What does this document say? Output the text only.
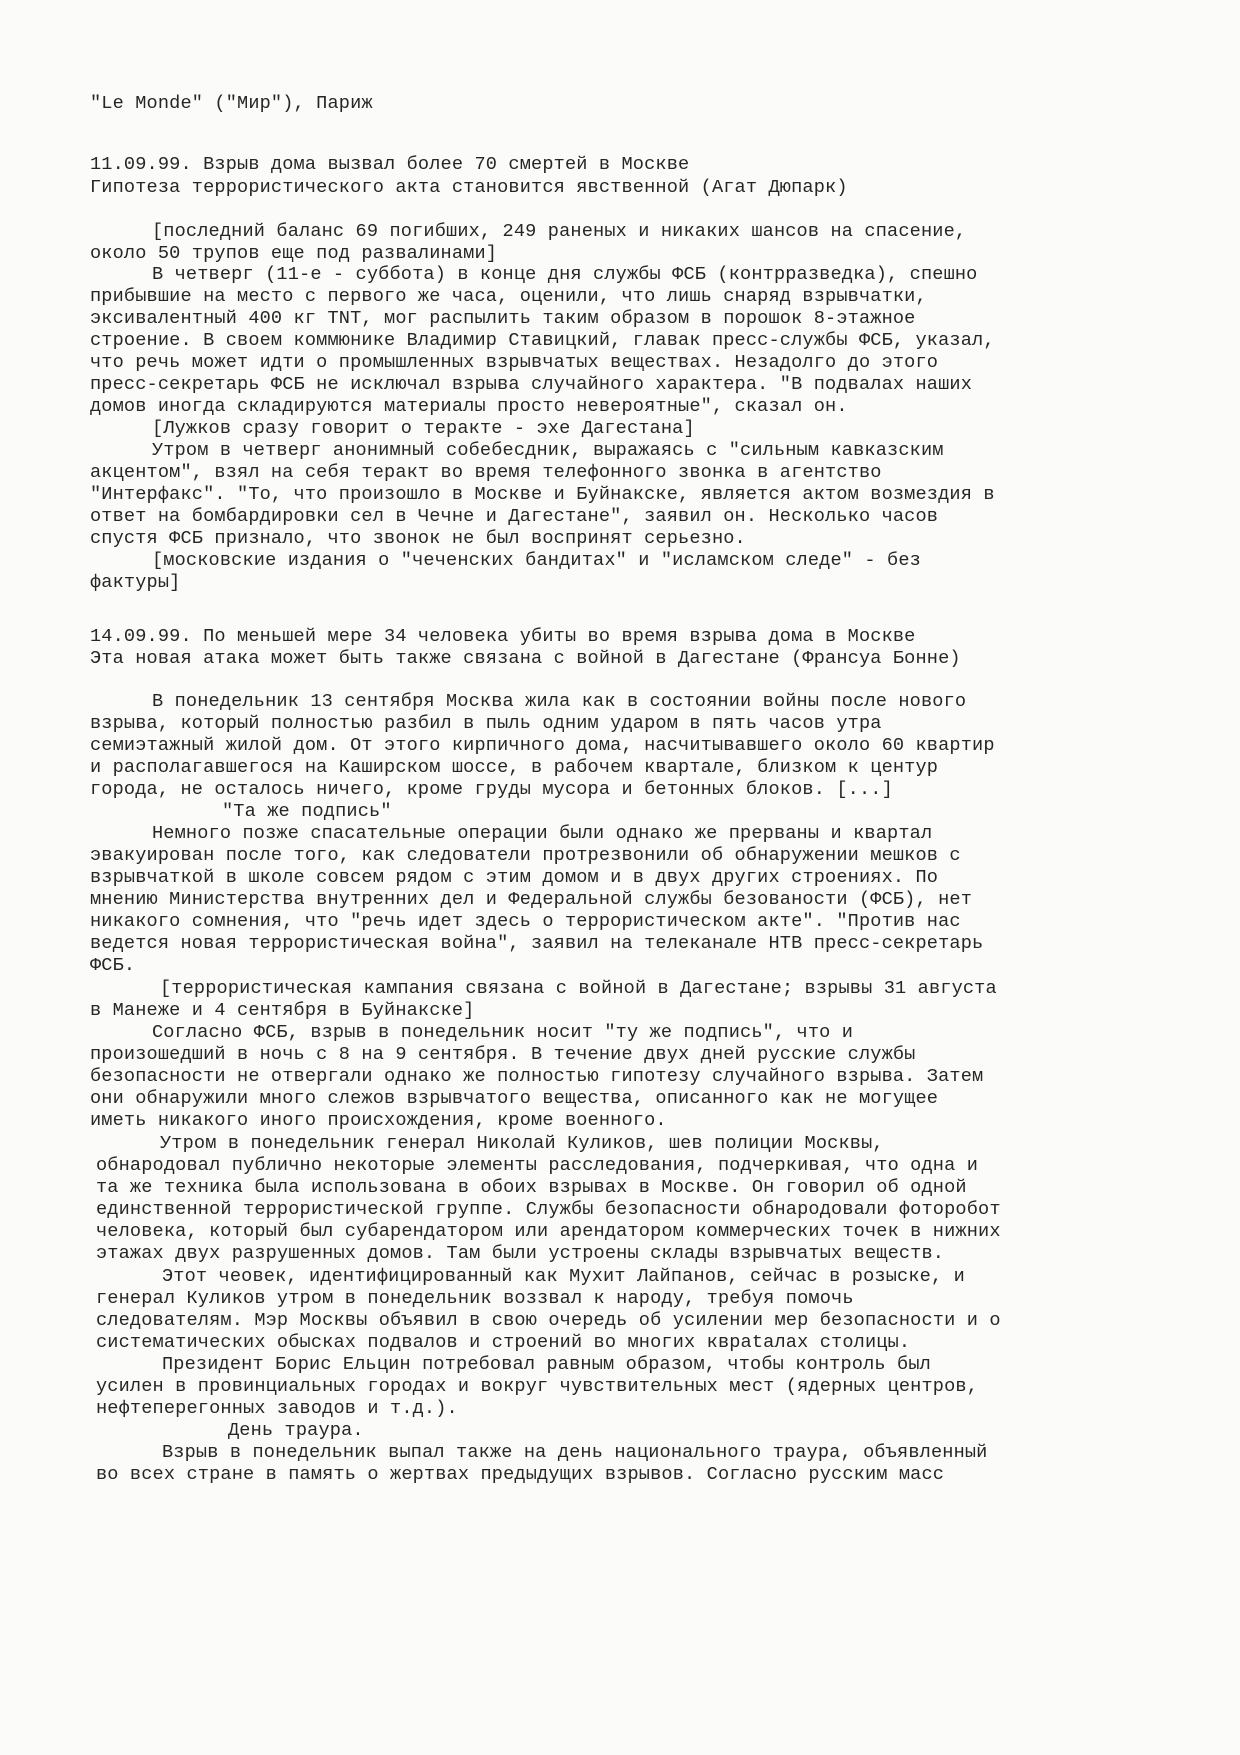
"Le Monde" ("Мир"), Париж

11.09.99. Взрыв дома вызвал более 70 смертей в Москве

Гипотеза террористического акта становится явственной (Агат Дюпарк)

[последний баланс 69 погибших, 249 раненых и никаких шансов на спасение,

около 50 трупов еще под развалинами]

В четверг (11-е - суббота) в конце дня службы ФСБ (контрразведка), спешно

прибывшие на место с первого же часа, оценили, что лишь снаряд взрывчатки,

эксивалентный 400 кг TNT, мог распылить таким образом в порошок 8-этажное

строение. В своем коммюнике Владимир Ставицкий, главак пресс-службы ФСБ, указал,

что речь может идти о промышленных взрывчатых веществах. Незадолго до этого

пресс-секретарь ФСБ не исключал взрыва случайного характера. "В подвалах наших

домов иногда складируются материалы просто невероятные", сказал он.

[Лужков сразу говорит о теракте - эхе Дагестана]

Утром в четверг анонимный собебесдник, выражаясь с "сильным кавказским

акцентом", взял на себя теракт во время телефонного звонка в агентство

"Интерфакс". "То, что произошло в Москве и Буйнакске, является актом возмездия в

ответ на бомбардировки сел в Чечне и Дагестане", заявил он. Несколько часов

спустя ФСБ признало, что звонок не был воспринят серьезно.

[московские издания о "чеченских бандитах" и "исламском следе" - без

фактуры]

14.09.99. По меньшей мере 34 человека убиты во время взрыва дома в Москве

Эта новая атака может быть также связана с войной в Дагестане (Франсуа Бонне)

В понедельник 13 сентября Москва жила как в состоянии войны после нового

взрыва, который полностью разбил в пыль одним ударом в пять часов утра

семиэтажный жилой дом. От этого кирпичного дома, насчитывавшего около 60 квартир

и располагавшегося на Каширском шоссе, в рабочем квартале, близком к центур

города, не осталось ничего, кроме груды мусора и бетонных блоков. [...]

"Та же подпись"

Немного позже спасательные операции были однако же прерваны и квартал

эвакуирован после того, как следователи протрезвонили об обнаружении мешков с

взрывчаткой в школе совсем рядом с этим домом и в двух других строениях. По

мнению Министерства внутренних дел и Федеральной службы безованости (ФСБ), нет

никакого сомнения, что "речь идет здесь о террористическом акте". "Против нас

ведется новая террористическая война", заявил на телеканале НТВ пресс-секретарь

ФСБ.

[террористическая кампания связана с войной в Дагестане; взрывы 31 августа

в Манеже и 4 сентября в Буйнакске]

Согласно ФСБ, взрыв в понедельник носит "ту же подпись", что и

произошедший в ночь с 8 на 9 сентября. В течение двух дней русские службы

безопасности не отвергали однако же полностью гипотезу случайного взрыва. Затем

они обнаружили много слежов взрывчатого вещества, описанного как не могущее

иметь никакого иного происхождения, кроме военного.

Утром в понедельник генерал Николай Куликов, шев полиции Москвы,

обнародовал публично некоторые элементы расследования, подчеркивая, что одна и

та же техника была использована в обоих взрывах в Москве. Он говорил об одной

единственной террористической группе. Службы безопасности обнародовали фоторобот

человека, который был субарендатором или арендатором коммерческих точек в нижних

этажах двух разрушенных домов. Там были устроены склады взрывчатых веществ.

Этот чеовек, идентифицированный как Мухит Лайпанов, сейчас в розыске, и

генерал Куликов утром в понедельник воззвал к народу, требуя помочь

следователям. Мэр Москвы объявил в свою очередь об усилении мер безопасности и о

систематических обысках подвалов и строений во многих кврataлах столицы.

Президент Борис Ельцин потребовал равным образом, чтобы контроль был

усилен в провинциальных городах и вокруг чувствительных мест (ядерных центров,

нефтеперегонных заводов и т.д.).

День траура.

Взрыв в понедельник выпал также на день национального траура, объявленный

во всех стране в память о жертвах предыдущих взрывов. Согласно русским масс
